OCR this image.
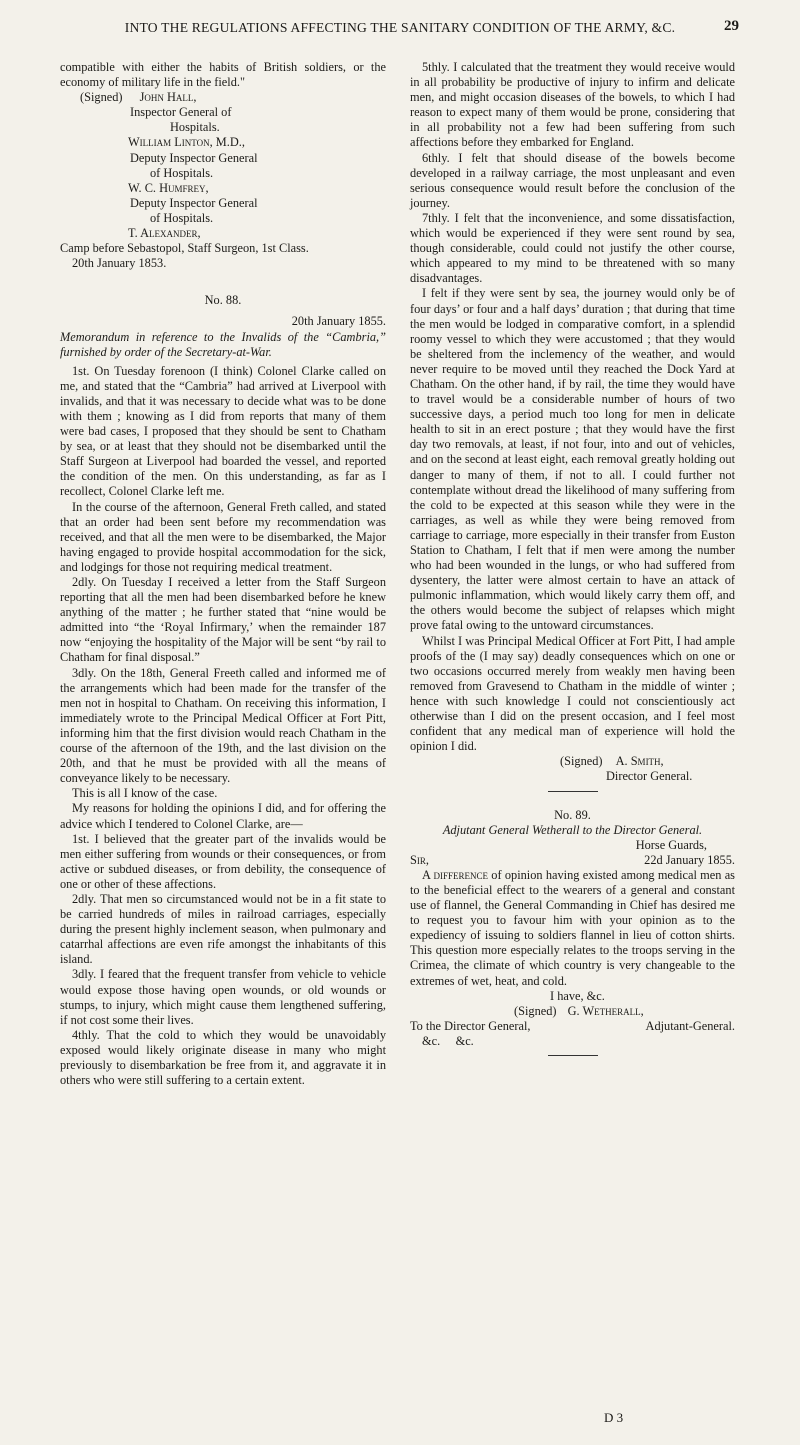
INTO THE REGULATIONS AFFECTING THE SANITARY CONDITION OF THE ARMY, &C.	29

compatible with either the habits of British soldiers, or the economy of military life in the field."

(Signed) John Hall,
Inspector General of
Hospitals.
William Linton, M.D.,
Deputy Inspector General
of Hospitals.
W. C. Humfrey,
Deputy Inspector General
of Hospitals.
T. Alexander,
Camp before Sebastopol, Staff Surgeon, 1st Class.
20th January 1853.

No. 88.

20th January 1855.

Memorandum in reference to the Invalids of the “Cambria,” furnished by order of the Secretary-at-War.

1st. On Tuesday forenoon (I think) Colonel Clarke called on me, and stated that the “Cambria” had arrived at Liverpool with invalids, and that it was necessary to decide what was to be done with them ; knowing as I did from reports that many of them were bad cases, I proposed that they should be sent to Chatham by sea, or at least that they should not be disembarked until the Staff Surgeon at Liverpool had boarded the vessel, and reported the condition of the men. On this understanding, as far as I recollect, Colonel Clarke left me.

In the course of the afternoon, General Freth called, and stated that an order had been sent before my recommendation was received, and that all the men were to be disembarked, the Major having engaged to provide hospital accommodation for the sick, and lodgings for those not requiring medical treatment.

2dly. On Tuesday I received a letter from the Staff Surgeon reporting that all the men had been disembarked before he knew anything of the matter ; he further stated that “nine would be admitted into “the ‘Royal Infirmary,’ when the remainder 187 now “enjoying the hospitality of the Major will be sent “by rail to Chatham for final disposal.”

3dly. On the 18th, General Freeth called and informed me of the arrangements which had been made for the transfer of the men not in hospital to Chatham. On receiving this information, I immediately wrote to the Principal Medical Officer at Fort Pitt, informing him that the first division would reach Chatham in the course of the afternoon of the 19th, and the last division on the 20th, and that he must be provided with all the means of conveyance likely to be necessary.

This is all I know of the case.

My reasons for holding the opinions I did, and for offering the advice which I tendered to Colonel Clarke, are—

1st. I believed that the greater part of the invalids would be men either suffering from wounds or their consequences, or from active or subdued diseases, or from debility, the consequence of one or other of these affections.

2dly. That men so circumstanced would not be in a fit state to be carried hundreds of miles in railroad carriages, especially during the present highly inclement season, when pulmonary and catarrhal affections are even rife amongst the inhabitants of this island.

3dly. I feared that the frequent transfer from vehicle to vehicle would expose those having open wounds, or old wounds or stumps, to injury, which might cause them lengthened suffering, if not cost some their lives.

4thly. That the cold to which they would be unavoidably exposed would likely originate disease in many who might previously to disembarkation be free from it, and aggravate it in others who were still suffering to a certain extent.

5thly. I calculated that the treatment they would receive would in all probability be productive of injury to infirm and delicate men, and might occasion diseases of the bowels, to which I had reason to expect many of them would be prone, considering that in all probability not a few had been suffering from such affections before they embarked for England.

6thly. I felt that should disease of the bowels become developed in a railway carriage, the most unpleasant and even serious consequence would result before the conclusion of the journey.

7thly. I felt that the inconvenience, and some dissatisfaction, which would be experienced if they were sent round by sea, though considerable, could could not justify the other course, which appeared to my mind to be threatened with so many disadvantages.

I felt if they were sent by sea, the journey would only be of four days’ or four and a half days’ duration ; that during that time the men would be lodged in comparative comfort, in a splendid roomy vessel to which they were accustomed ; that they would be sheltered from the inclemency of the weather, and would never require to be moved until they reached the Dock Yard at Chatham. On the other hand, if by rail, the time they would have to travel would be a considerable number of hours of two successive days, a period much too long for men in delicate health to sit in an erect posture ; that they would have the first day two removals, at least, if not four, into and out of vehicles, and on the second at least eight, each removal greatly holding out danger to many of them, if not to all. I could further not contemplate without dread the likelihood of many suffering from the cold to be expected at this season while they were in the carriages, as well as while they were being removed from carriage to carriage, more especially in their transfer from Euston Station to Chatham, I felt that if men were among the number who had been wounded in the lungs, or who had suffered from dysentery, the latter were almost certain to have an attack of pulmonic inflammation, which would likely carry them off, and the others would become the subject of relapses which might prove fatal owing to the untoward circumstances.

Whilst I was Principal Medical Officer at Fort Pitt, I had ample proofs of the (I may say) deadly consequences which on one or two occasions occurred merely from weakly men having been removed from Gravesend to Chatham in the middle of winter ; hence with such knowledge I could not conscientiously act otherwise than I did on the present occasion, and I feel most confident that any medical man of experience will hold the opinion I did.

(Signed) A. Smith,
Director General.

No. 89.

Adjutant General Wetherall to the Director General.

Horse Guards,

Sir,	22d January 1855.

A difference of opinion having existed among medical men as to the beneficial effect to the wearers of a general and constant use of flannel, the General Commanding in Chief has desired me to request you to favour him with your opinion as to the expediency of issuing to soldiers flannel in lieu of cotton shirts. This question more especially relates to the troops serving in the Crimea, the climate of which country is very changeable to the extremes of wet, heat, and cold.

I have, &c.

(Signed) G. Wetherall,

To the Director General,	Adjutant-General.

&c.     &c.

D 3
